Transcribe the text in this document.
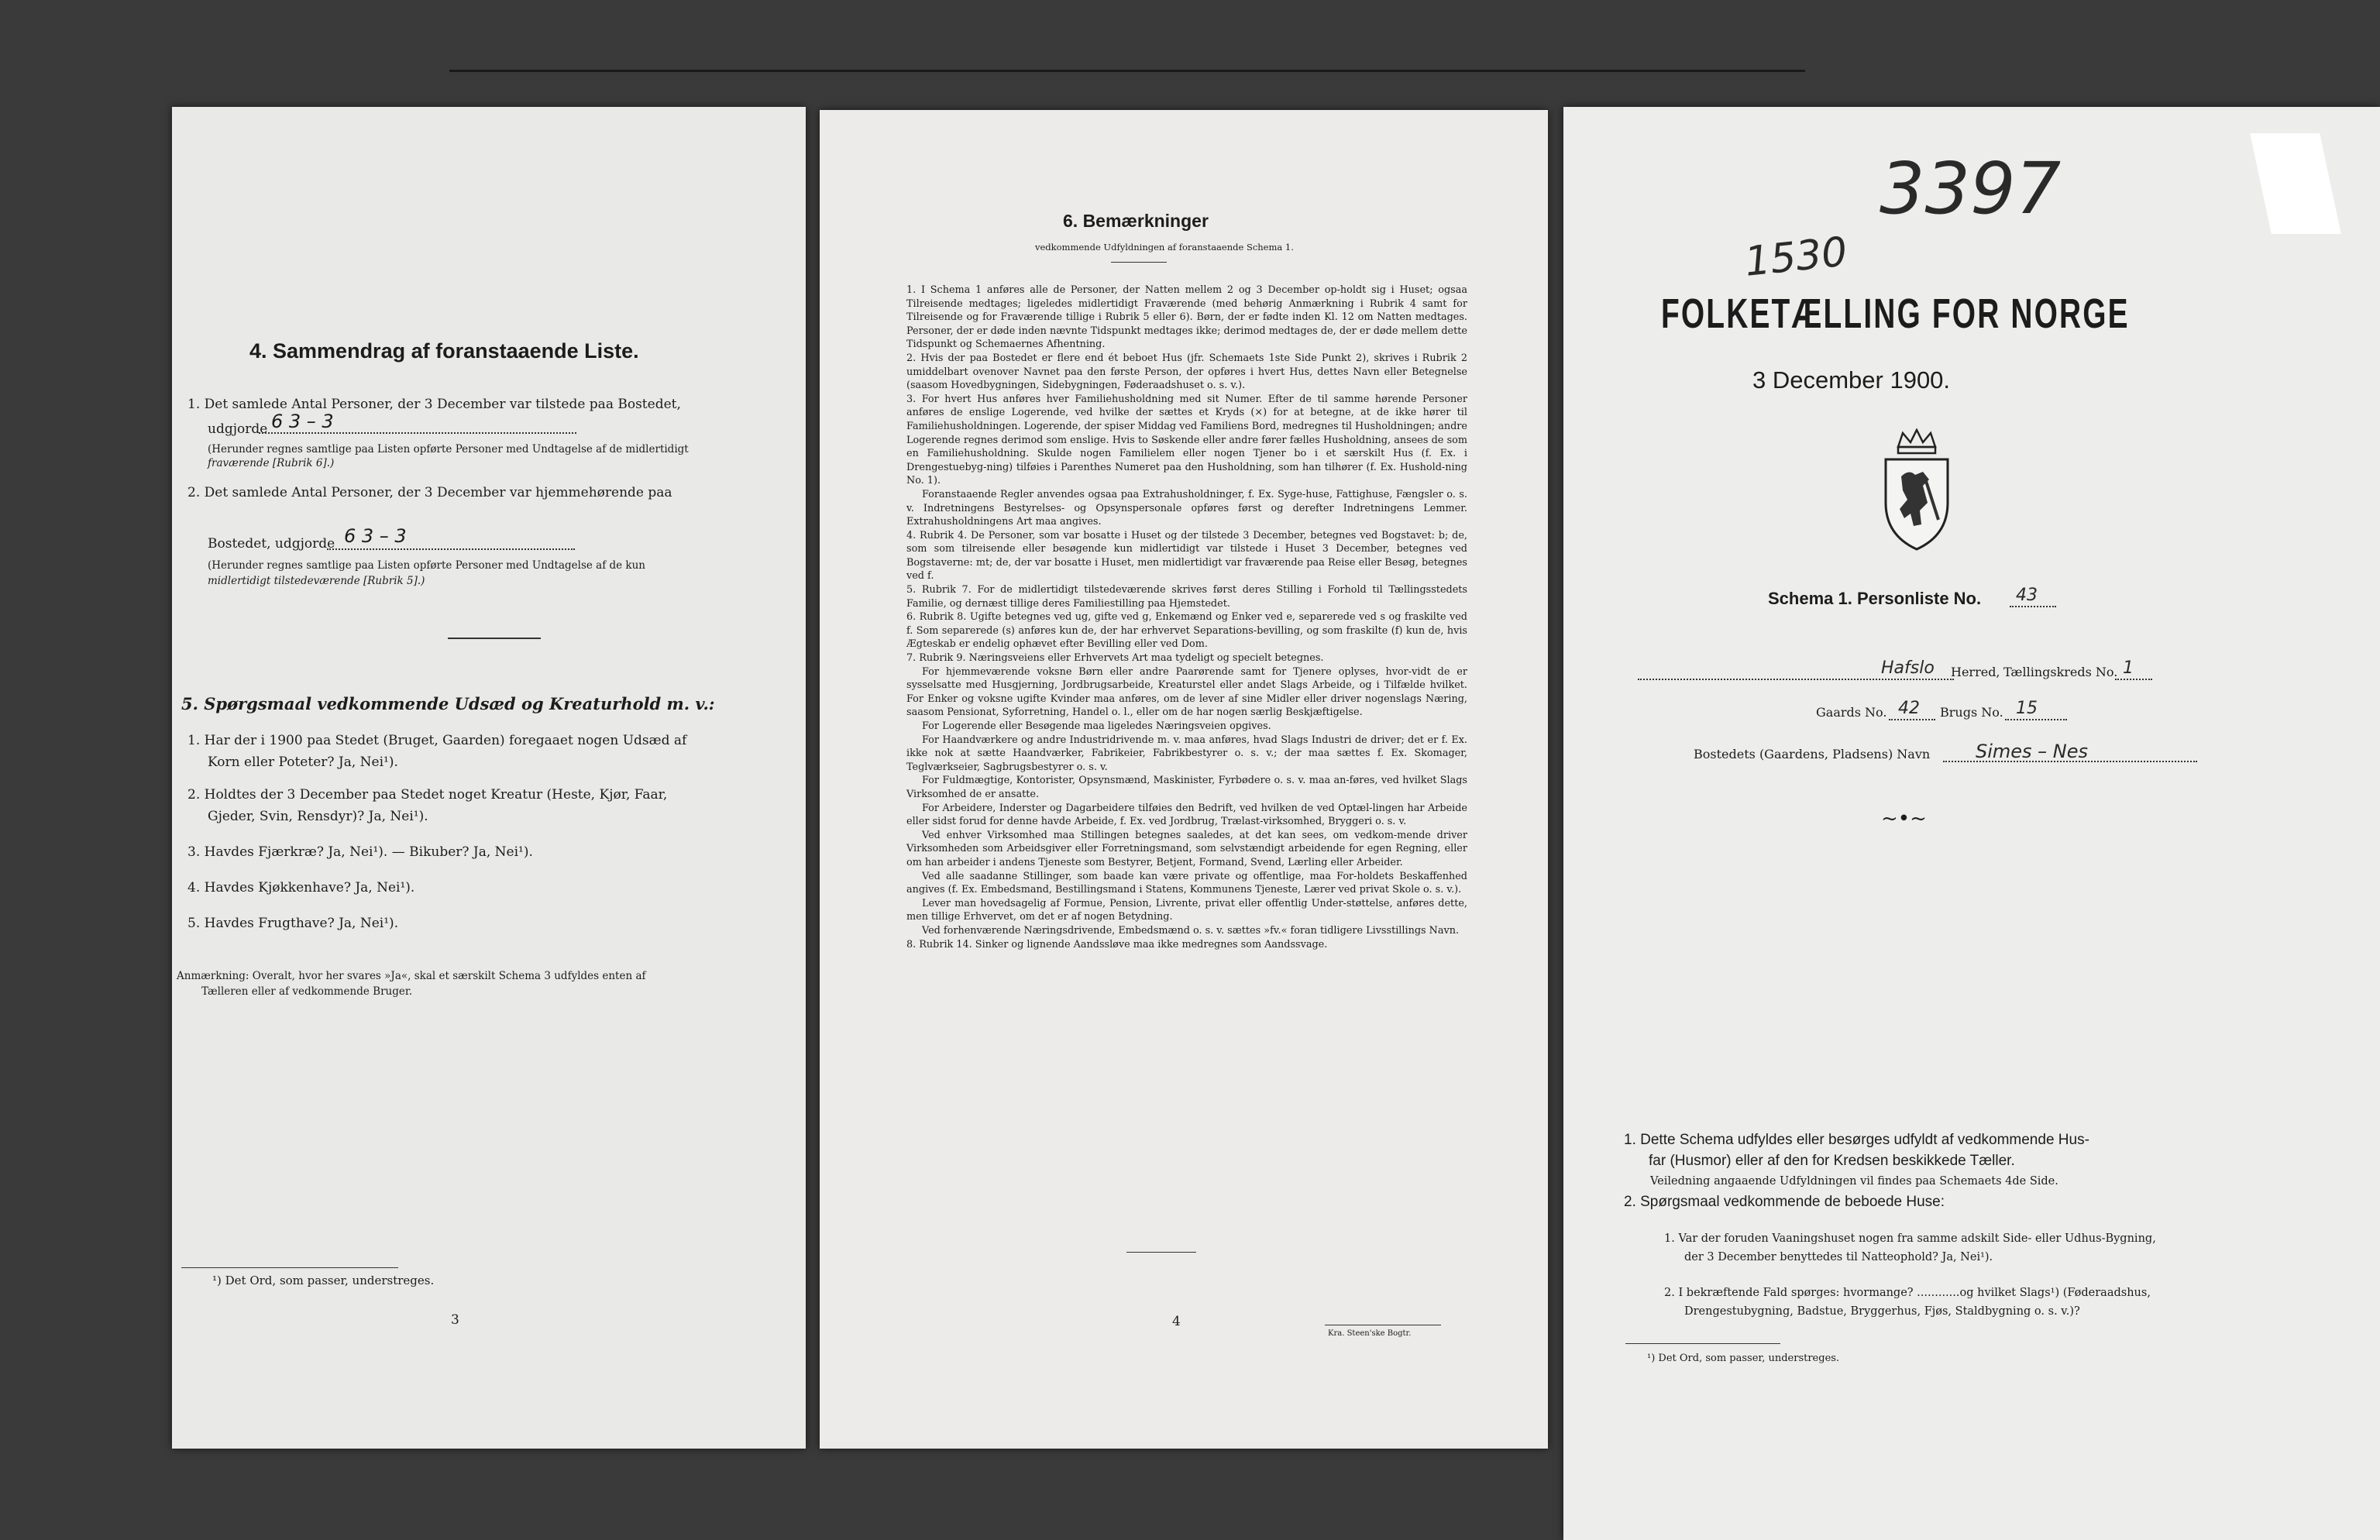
4. Sammendrag af foranstaaende Liste.
1. Det samlede Antal Personer, der 3 December var tilstede paa Bostedet,
udgjorde 6 3 – 3
(Herunder regnes samtlige paa Listen opførte Personer med Undtagelse af de midlertidigt
fraværende [Rubrik 6].)
2. Det samlede Antal Personer, der 3 December var hjemmehørende paa
Bostedet, udgjorde 6 3 – 3
(Herunder regnes samtlige paa Listen opførte Personer med Undtagelse af de kun
midlertidigt tilstedeværende [Rubrik 5].)
5. Spørgsmaal vedkommende Udsæd og Kreaturhold m. v.:
1. Har der i 1900 paa Stedet (Bruget, Gaarden) foregaaet nogen Udsæd af
Korn eller Poteter? Ja, Nei¹).
2. Holdtes der 3 December paa Stedet noget Kreatur (Heste, Kjør, Faar,
Gjeder, Svin, Rensdyr)? Ja, Nei¹).
3. Havdes Fjærkræ? Ja, Nei¹). — Bikuber? Ja, Nei¹).
4. Havdes Kjøkkenhave? Ja, Nei¹).
5. Havdes Frugthave? Ja, Nei¹).
Anmærkning: Overalt, hvor her svares »Ja«, skal et særskilt Schema 3 udfyldes enten af
Tælleren eller af vedkommende Bruger.
¹) Det Ord, som passer, understreges.
3
6. Bemærkninger
vedkommende Udfyldningen af foranstaaende Schema 1.
1. I Schema 1 anføres alle de Personer, der Natten mellem 2 og 3 December op-holdt sig i Huset; ogsaa Tilreisende medtages; ligeledes midlertidigt Fraværende (med behørig Anmærkning i Rubrik 4 samt for Tilreisende og for Fraværende tillige i Rubrik 5 eller 6). Børn, der er fødte inden Kl. 12 om Natten medtages. Personer, der er døde inden nævnte Tidspunkt medtages ikke; derimod medtages de, der er døde mellem dette Tidspunkt og Schemaernes Afhentning.
2. Hvis der paa Bostedet er flere end ét beboet Hus (jfr. Schemaets 1ste Side Punkt 2), skrives i Rubrik 2 umiddelbart ovenover Navnet paa den første Person, der opføres i hvert Hus, dettes Navn eller Betegnelse (saasom Hovedbygningen, Sidebygningen, Føderaadshuset o. s. v.).
3. For hvert Hus anføres hver Familiehusholdning med sit Numer. Efter de til samme hørende Personer anføres de enslige Logerende, ved hvilke der sættes et Kryds (×) for at betegne, at de ikke hører til Familiehusholdningen. Logerende, der spiser Middag ved Familiens Bord, medregnes til Husholdningen; andre Logerende regnes derimod som enslige. Hvis to Søskende eller andre fører fælles Husholdning, ansees de som en Familiehusholdning. Skulde nogen Familielem eller nogen Tjener bo i et særskilt Hus (f. Ex. i Drengestuebyg-ning) tilføies i Parenthes Numeret paa den Husholdning, som han tilhører (f. Ex. Hushold-ning No. 1).
Foranstaaende Regler anvendes ogsaa paa Extrahusholdninger, f. Ex. Syge-huse, Fattighuse, Fængsler o. s. v. Indretningens Bestyrelses- og Opsynspersonale opføres først og derefter Indretningens Lemmer. Extrahusholdningens Art maa angives.
4. Rubrik 4. De Personer, som var bosatte i Huset og der tilstede 3 December, betegnes ved Bogstavet: b; de, som som tilreisende eller besøgende kun midlertidigt var tilstede i Huset 3 December, betegnes ved Bogstaverne: mt; de, der var bosatte i Huset, men midlertidigt var fraværende paa Reise eller Besøg, betegnes ved f.
5. Rubrik 7. For de midlertidigt tilstedeværende skrives først deres Stilling i Forhold til Tællingsstedets Familie, og dernæst tillige deres Familiestilling paa Hjemstedet.
6. Rubrik 8. Ugifte betegnes ved ug, gifte ved g, Enkemænd og Enker ved e, separerede ved s og fraskilte ved f. Som separerede (s) anføres kun de, der har erhvervet Separations-bevilling, og som fraskilte (f) kun de, hvis Ægteskab er endelig ophævet efter Bevilling eller ved Dom.
7. Rubrik 9. Næringsveiens eller Erhvervets Art maa tydeligt og specielt betegnes.
For hjemmeværende voksne Børn eller andre Paarørende samt for Tjenere oplyses, hvor-vidt de er sysselsatte med Husgjerning, Jordbrugsarbeide, Kreaturstel eller andet Slags Arbeide, og i Tilfælde hvilket. For Enker og voksne ugifte Kvinder maa anføres, om de lever af sine Midler eller driver nogenslags Næring, saasom Pensionat, Syforretning, Handel o. l., eller om de har nogen særlig Beskjæftigelse.
For Logerende eller Besøgende maa ligeledes Næringsveien opgives.
For Haandværkere og andre Industridrivende m. v. maa anføres, hvad Slags Industri de driver; det er f. Ex. ikke nok at sætte Haandværker, Fabrikeier, Fabrikbestyrer o. s. v.; der maa sættes f. Ex. Skomager, Teglværkseier, Sagbrugsbestyrer o. s. v.
For Fuldmægtige, Kontorister, Opsynsmænd, Maskinister, Fyrbødere o. s. v. maa an-føres, ved hvilket Slags Virksomhed de er ansatte.
For Arbeidere, Inderster og Dagarbeidere tilføies den Bedrift, ved hvilken de ved Optæl-lingen har Arbeide eller sidst forud for denne havde Arbeide, f. Ex. ved Jordbrug, Trælast-virksomhed, Bryggeri o. s. v.
Ved enhver Virksomhed maa Stillingen betegnes saaledes, at det kan sees, om vedkom-mende driver Virksomheden som Arbeidsgiver eller Forretningsmand, som selvstændigt arbeidende for egen Regning, eller om han arbeider i andens Tjeneste som Bestyrer, Betjent, Formand, Svend, Lærling eller Arbeider.
Ved alle saadanne Stillinger, som baade kan være private og offentlige, maa For-holdets Beskaffenhed angives (f. Ex. Embedsmand, Bestillingsmand i Statens, Kommunens Tjeneste, Lærer ved privat Skole o. s. v.).
Lever man hovedsagelig af Formue, Pension, Livrente, privat eller offentlig Under-støttelse, anføres dette, men tillige Erhvervet, om det er af nogen Betydning.
Ved forhenværende Næringsdrivende, Embedsmænd o. s. v. sættes »fv.« foran tidligere Livsstillings Navn.
8. Rubrik 14. Sinker og lignende Aandssløve maa ikke medregnes som Aandssvage.
4
Kra. Steen'ske Bogtr.
3397
1530
FOLKETÆLLING FOR NORGE
3 December 1900.
Schema 1. Personliste No. 43
Hafslo Herred, Tællingskreds No. 1
Gaards No. 42 Brugs No. 15
Bostedets (Gaardens, Pladsens) Navn Simes – Nes
~•~
1. Dette Schema udfyldes eller besørges udfyldt af vedkommende Hus-
far (Husmor) eller af den for Kredsen beskikkede Tæller.
Veiledning angaaende Udfyldningen vil findes paa Schemaets 4de Side.
2. Spørgsmaal vedkommende de beboede Huse:
1. Var der foruden Vaaningshuset nogen fra samme adskilt Side- eller Udhus-Bygning,
der 3 December benyttedes til Natteophold? Ja, Nei¹).
2. I bekræftende Fald spørges: hvormange? ............og hvilket Slags¹) (Føderaadshus,
Drengestubygning, Badstue, Bryggerhus, Fjøs, Staldbygning o. s. v.)?
¹) Det Ord, som passer, understreges.
